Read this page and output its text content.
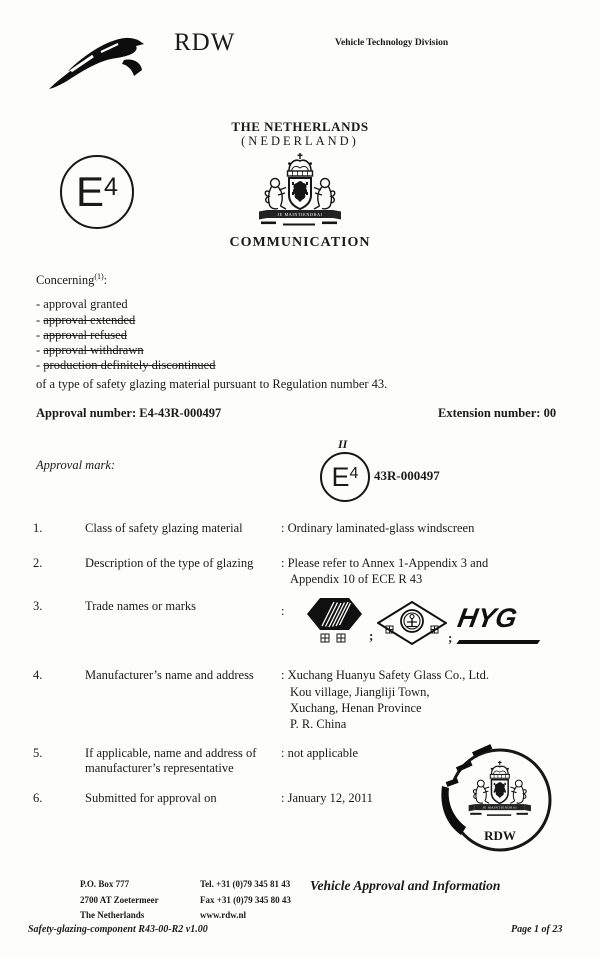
RDW	Vehicle Technology Division
THE NETHERLANDS
(NEDERLAND)
E 4
COMMUNICATION
Concerning$^{(1)}$:
- approval granted
- approval extended
- approval refused
- approval withdrawn
- production definitely discontinued
of a type of safety glazing material pursuant to Regulation number 43.
Approval number: E4-43R-000497	Extension number: 00
II
Approval mark:	E 4 43R-000497
1.	Class of safety glazing material	: Ordinary laminated-glass windscreen
2.	Description of the type of glazing : Please refer to Annex 1-Appendix 3 and
Appendix 10 of ECE R 43
3.	Trade names or marks	:
;	;
HYG
4.	Manufacturer’s name and address : Xuchang Huanyu Safety Glass Co., Ltd.
Kou village, Jiangliji Town,
Xuchang, Henan Province
P. R. China
5.	If applicable, name and address of
manufacturer’s representative
: not applicable
6.	Submitted for approval on	: January 12, 2011
RDW
P.O. Box 777
2700 AT Zoetermeer
The Netherlands
Tel. +31 (0)79 345 81 43
Fax +31 (0)79 345 80 43
www.rdw.nl
Vehicle Approval and Information
Safety-glazing-component R43-00-R2 v1.00	Page 1 of 23
